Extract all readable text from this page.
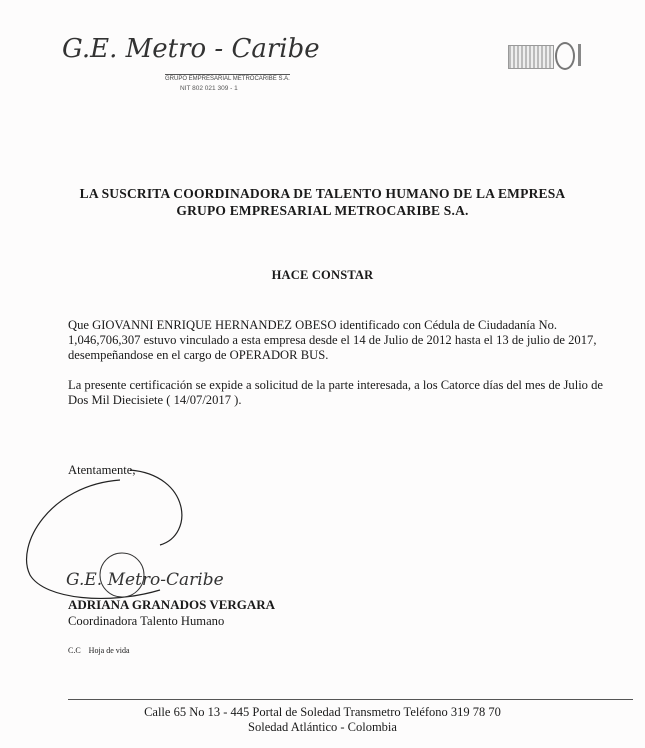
G.E. Metro - Caribe
GRUPO EMPRESARIAL METROCARIBE S.A.
NIT 802 021 309 - 1
LA SUSCRITA COORDINADORA DE TALENTO HUMANO DE LA EMPRESA
GRUPO EMPRESARIAL METROCARIBE S.A.
HACE CONSTAR
Que GIOVANNI ENRIQUE HERNANDEZ OBESO identificado con Cédula de Ciudadanía No.
1,046,706,307 estuvo vinculado a esta empresa desde el 14 de Julio de 2012 hasta el 13 de julio de 2017,
desempeñandose en el cargo de OPERADOR BUS.
La presente certificación se expide a solicitud de la parte interesada, a los Catorce días del mes de Julio de
Dos Mil Diecisiete ( 14/07/2017 ).
Atentamente,
G.E. Metro-Caribe
ADRIANA GRANADOS VERGARA
Coordinadora Talento Humano
C.C    Hoja de vida
Calle 65 No 13 - 445 Portal de Soledad Transmetro Teléfono 319 78 70
Soledad Atlántico - Colombia
